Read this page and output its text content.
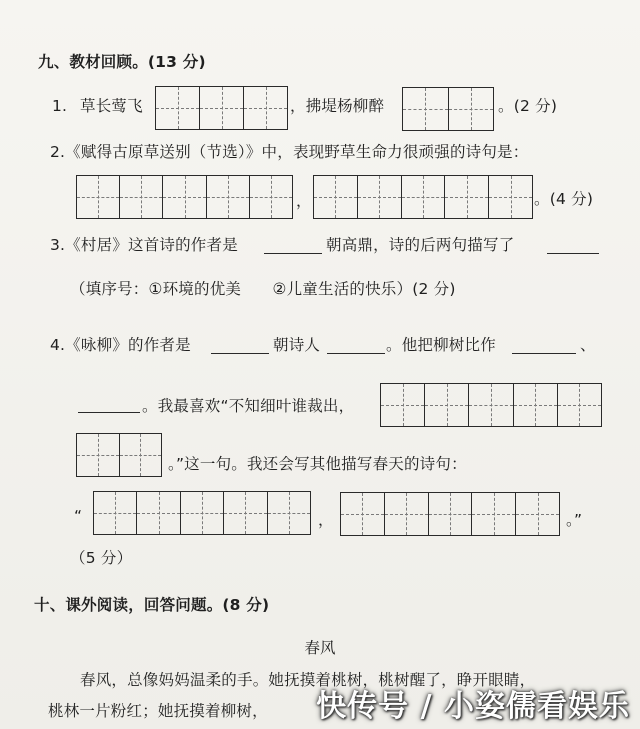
九、教材回顾。(13 分)
1. 草长莺飞	，拂堤杨柳醉	。(2 分)
2.《赋得古原草送别（节选）》中，表现野草生命力很顽强的诗句是：
，	。(4 分)
3.《村居》这首诗的作者是	朝高鼎，诗的后两句描写了
（填序号：①环境的优美　　②儿童生活的快乐）(2 分)
4.《咏柳》的作者是	朝诗人	。他把柳树比作	、
。我最喜欢“不知细叶谁裁出，
。”这一句。我还会写其他描写春天的诗句：
“	，	。”
（5 分）
十、课外阅读，回答问题。(8 分)
春风
春风，总像妈妈温柔的手。她抚摸着桃树，桃树醒了，睁开眼睛，
桃林一片粉红；她抚摸着柳树， 快传号 / 小姿儒看娱乐
